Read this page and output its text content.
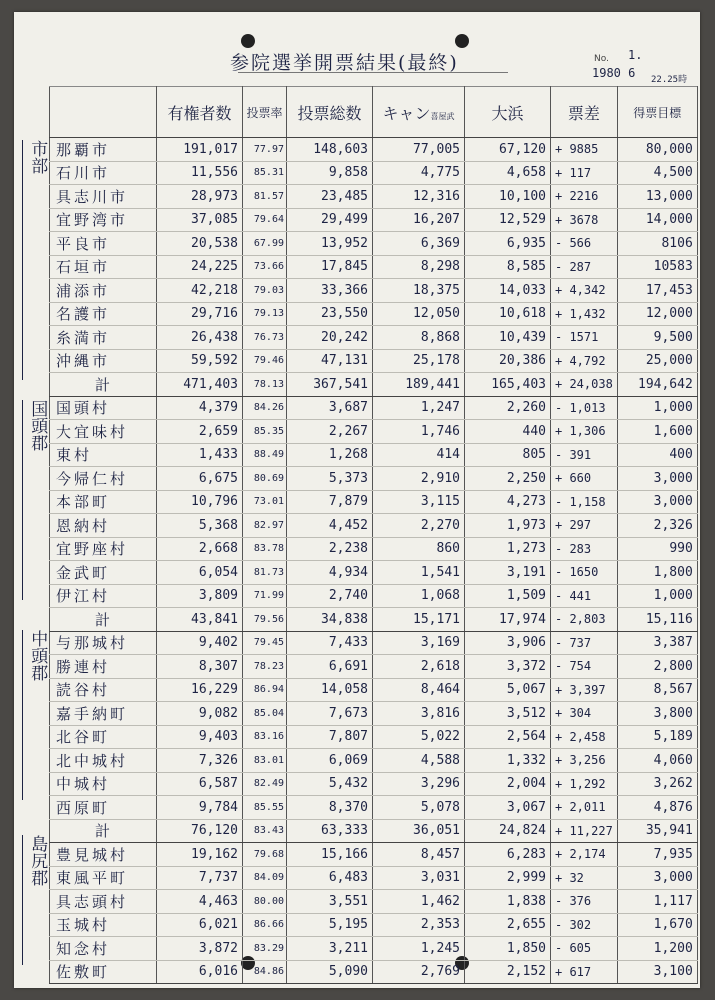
参院選挙開票結果(最終)	No. 1.
1980 6 22.25時
市部
国頭郡
中頭郡
島尻郡
	有権者数	投票率	投票総数	キャン喜屋武	大浜	票差	得票目標
那覇市	191,017	77.97	148,603	77,005	67,120	+ 9885	80,000
石川市	11,556	85.31	9,858	4,775	4,658	+ 117	4,500
具志川市	28,973	81.57	23,485	12,316	10,100	+ 2216	13,000
宜野湾市	37,085	79.64	29,499	16,207	12,529	+ 3678	14,000
平良市	20,538	67.99	13,952	6,369	6,935	- 566	8106
石垣市	24,225	73.66	17,845	8,298	8,585	- 287	10583
浦添市	42,218	79.03	33,366	18,375	14,033	+ 4,342	17,453
名護市	29,716	79.13	23,550	12,050	10,618	+ 1,432	12,000
糸満市	26,438	76.73	20,242	8,868	10,439	- 1571	9,500
沖縄市	59,592	79.46	47,131	25,178	20,386	+ 4,792	25,000
計	471,403	78.13	367,541	189,441	165,403	+ 24,038	194,642
国頭村	4,379	84.26	3,687	1,247	2,260	- 1,013	1,000
大宜味村	2,659	85.35	2,267	1,746	440	+ 1,306	1,600
東村	1,433	88.49	1,268	414	805	- 391	400
今帰仁村	6,675	80.69	5,373	2,910	2,250	+ 660	3,000
本部町	10,796	73.01	7,879	3,115	4,273	- 1,158	3,000
恩納村	5,368	82.97	4,452	2,270	1,973	+ 297	2,326
宜野座村	2,668	83.78	2,238	860	1,273	- 283	990
金武町	6,054	81.73	4,934	1,541	3,191	- 1650	1,800
伊江村	3,809	71.99	2,740	1,068	1,509	- 441	1,000
計	43,841	79.56	34,838	15,171	17,974	- 2,803	15,116
与那城村	9,402	79.45	7,433	3,169	3,906	- 737	3,387
勝連村	8,307	78.23	6,691	2,618	3,372	- 754	2,800
読谷村	16,229	86.94	14,058	8,464	5,067	+ 3,397	8,567
嘉手納町	9,082	85.04	7,673	3,816	3,512	+ 304	3,800
北谷町	9,403	83.16	7,807	5,022	2,564	+ 2,458	5,189
北中城村	7,326	83.01	6,069	4,588	1,332	+ 3,256	4,060
中城村	6,587	82.49	5,432	3,296	2,004	+ 1,292	3,262
西原町	9,784	85.55	8,370	5,078	3,067	+ 2,011	4,876
計	76,120	83.43	63,333	36,051	24,824	+ 11,227	35,941
豊見城村	19,162	79.68	15,166	8,457	6,283	+ 2,174	7,935
東風平町	7,737	84.09	6,483	3,031	2,999	+ 32	3,000
具志頭村	4,463	80.00	3,551	1,462	1,838	- 376	1,117
玉城村	6,021	86.66	5,195	2,353	2,655	- 302	1,670
知念村	3,872	83.29	3,211	1,245	1,850	- 605	1,200
佐敷町	6,016	84.86	5,090	2,769	2,152	+ 617	3,100
